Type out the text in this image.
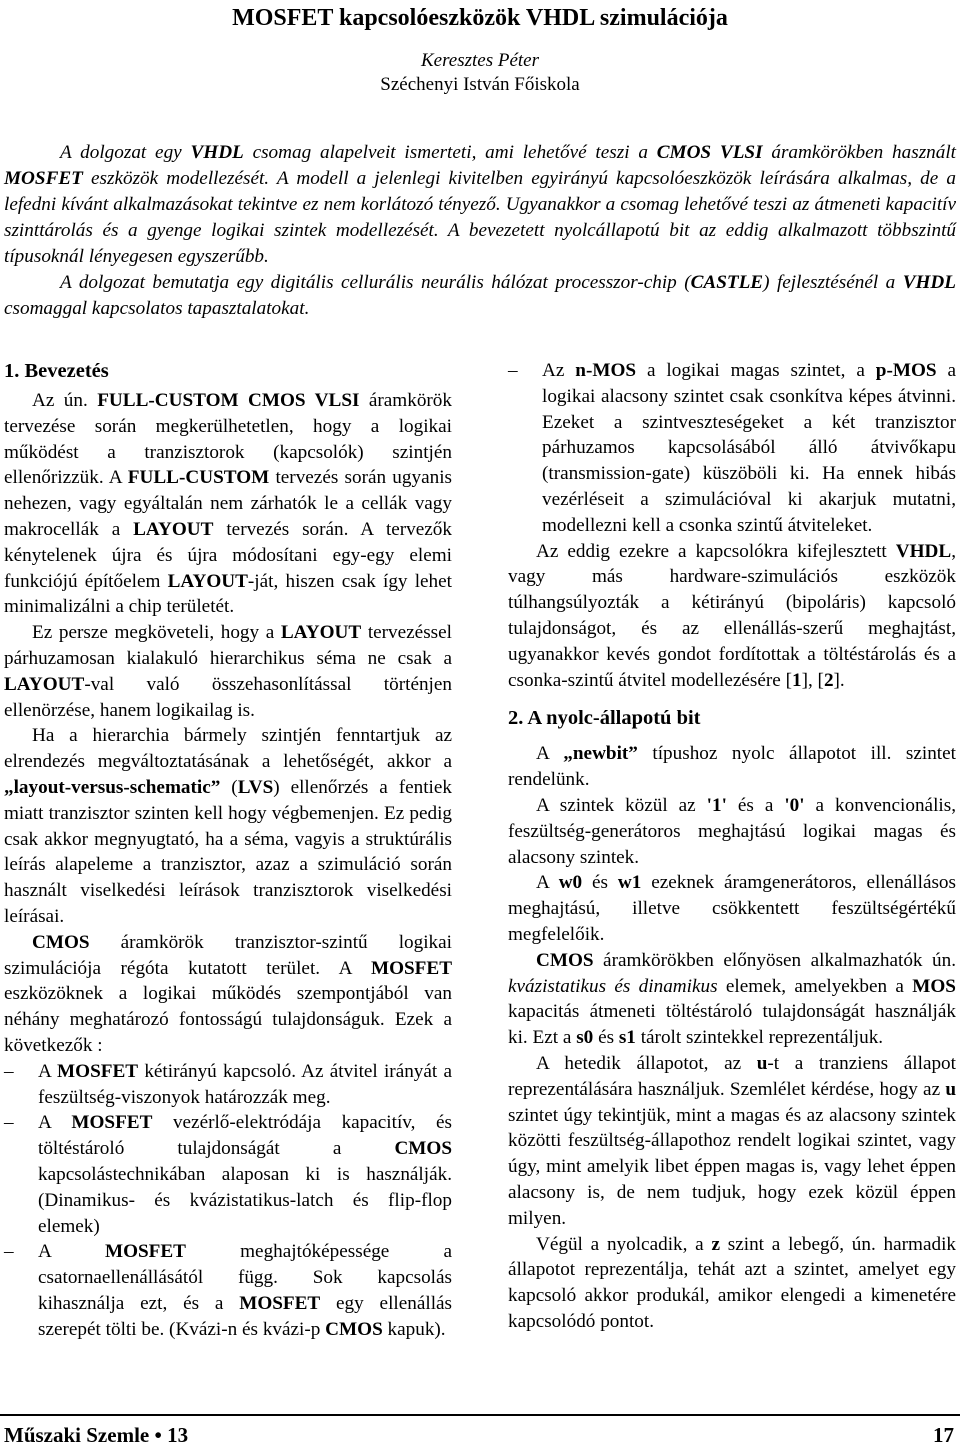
MOSFET kapcsolóeszközök VHDL szimulációja
Keresztes Péter
Széchenyi István Főiskola

A dolgozat egy VHDL csomag alapelveit ismerteti, ami lehetővé teszi a CMOS VLSI áramkörökben használt MOSFET eszközök modellezését. A modell a jelenlegi kivitelben egyirányú kapcsolóeszközök leírására alkalmas, de a lefedni kívánt alkalmazásokat tekintve ez nem korlátozó tényező. Ugyanakkor a csomag lehetővé teszi az átmeneti kapacitív szinttárolás és a gyenge logikai szintek modellezését. A bevezetett nyolcállapotú bit az eddig alkalmazott többszintű típusoknál lényegesen egyszerűbb.

A dolgozat bemutatja egy digitális cellurális neurális hálózat processzor-chip (CASTLE) fejlesztésénél a VHDL csomaggal kapcsolatos tapasztalatokat.

1. Bevezetés

Az ún. FULL-CUSTOM CMOS VLSI áramkörök tervezése során megkerülhetetlen, hogy a logikai működést a tranzisztorok (kapcsolók) szintjén ellenőrizzük. A FULL-CUSTOM tervezés során ugyanis nehezen, vagy egyáltalán nem zárhatók le a cellák vagy makrocellák a LAYOUT tervezés során. A tervezők kénytelenek újra és újra módosítani egy-egy elemi funkciójú építőelem LAYOUT-ját, hiszen csak így lehet minimalizálni a chip területét.

Ez persze megköveteli, hogy a LAYOUT tervezéssel párhuzamosan kialakuló hierarchikus séma ne csak a LAYOUT-val való összehasonlítással történjen ellenörzése, hanem logikailag is.

Ha a hierarchia bármely szintjén fenntartjuk az elrendezés megváltoztatásának a lehetőségét, akkor a „layout-versus-schematic” (LVS) ellenőrzés a fentiek miatt tranzisztor szinten kell hogy végbemenjen. Ez pedig csak akkor megnyugtató, ha a séma, vagyis a struktúrális leírás alapeleme a tranzisztor, azaz a szimuláció során használt viselkedési leírások tranzisztorok viselkedési leírásai.

CMOS áramkörök tranzisztor-szintű logikai szimulációja régóta kutatott terület. A MOSFET eszközöknek a logikai működés szempontjából van néhány meghatározó fontosságú tulajdonságuk. Ezek a következők :

–	A MOSFET kétirányú kapcsoló. Az átvitel irányát a feszültség-viszonyok határozzák meg.

–	A MOSFET vezérlő-elektródája kapacitív, és töltéstároló tulajdonságát a CMOS kapcsolástechnikában alaposan ki is használják. (Dinamikus- és kvázistatikus-latch és flip-flop elemek)

–	A MOSFET meghajtóképessége a csatornaellenállásától függ. Sok kapcsolás kihasználja ezt, és a MOSFET egy ellenállás szerepét tölti be. (Kvázi-n és kvázi-p CMOS kapuk).

–	Az n-MOS a logikai magas szintet, a p-MOS a logikai alacsony szintet csak csonkítva képes átvinni. Ezeket a szintveszteségeket a két tranzisztor párhuzamos kapcsolásából álló átvivőkapu (transmission-gate) küszöböli ki. Ha ennek hibás vezérléseit a szimulációval ki akarjuk mutatni, modellezni kell a csonka szintű átviteleket.

Az eddig ezekre a kapcsolókra kifejlesztett VHDL, vagy más hardware-szimulációs eszközök túlhangsúlyozták a kétirányú (bipoláris) kapcsoló tulajdonságot, és az ellenállás-szerű meghajtást, ugyanakkor kevés gondot fordítottak a töltéstárolás és a csonka-szintű átvitel modellezésére [1], [2].

2. A nyolc-állapotú bit

A „newbit” típushoz nyolc állapotot ill. szintet rendelünk.

A szintek közül az '1' és a '0' a konvencionális, feszültség-generátoros meghajtású logikai magas és alacsony szintek.

A w0 és w1 ezeknek áramgenerátoros, ellenállásos meghajtású, illetve csökkentett feszültségértékű megfelelőik.

CMOS áramkörökben előnyösen alkalmazhatók ún. kvázistatikus és dinamikus elemek, amelyekben a MOS kapacitás átmeneti töltéstároló tulajdonságát használják ki. Ezt a s0 és s1 tárolt szintekkel reprezentáljuk.

A hetedik állapotot, az u-t a tranziens állapot reprezentálására használjuk. Szemlélet kérdése, hogy az u szintet úgy tekintjük, mint a magas és az alacsony szintek közötti feszültség-állapothoz rendelt logikai szintet, vagy úgy, mint amelyik libet éppen magas is, vagy lehet éppen alacsony is, de nem tudjuk, hogy ezek közül éppen milyen.

Végül a nyolcadik, a z szint a lebegő, ún. harmadik állapotot reprezentálja, tehát azt a szintet, amelyet egy kapcsoló akkor produkál, amikor elengedi a kimenetére kapcsolódó pontot.

Műszaki Szemle • 13	17
